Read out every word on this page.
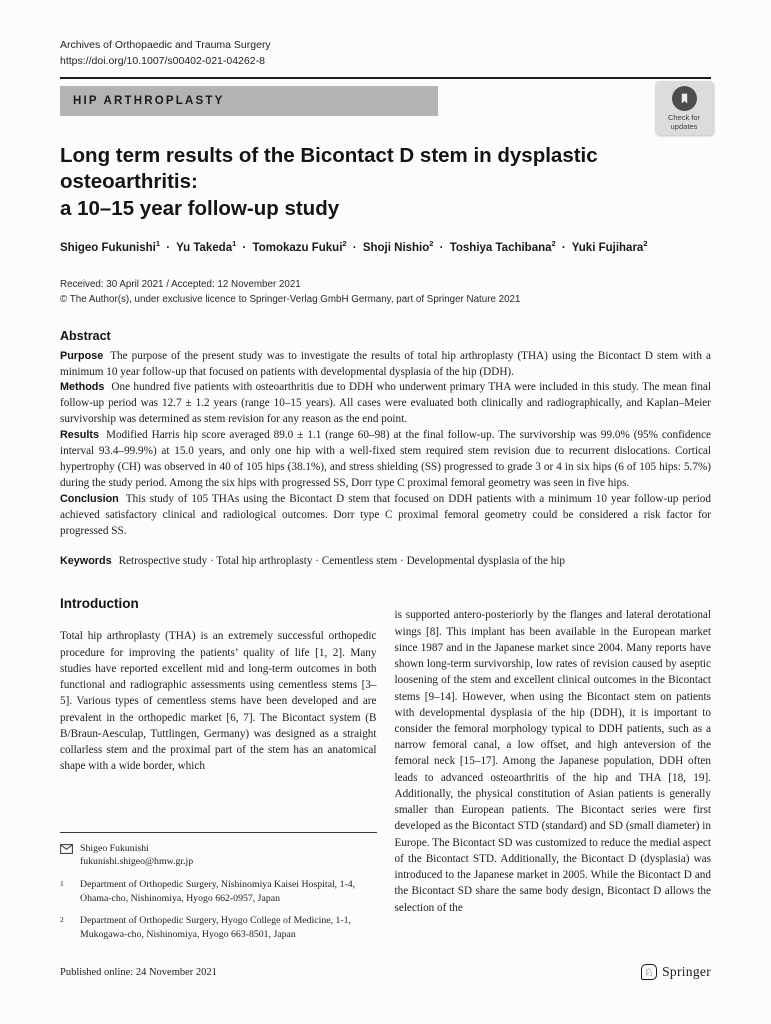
Archives of Orthopaedic and Trauma Surgery
https://doi.org/10.1007/s00402-021-04262-8
HIP ARTHROPLASTY
Check for
updates
Long term results of the Bicontact D stem in dysplastic osteoarthritis:
a 10–15 year follow-up study
Shigeo Fukunishi$^1$ · Yu Takeda$^1$ · Tomokazu Fukui$^2$ · Shoji Nishio$^2$ · Toshiya Tachibana$^2$ · Yuki Fujihara$^2$
Received: 30 April 2021 / Accepted: 12 November 2021
© The Author(s), under exclusive licence to Springer-Verlag GmbH Germany, part of Springer Nature 2021
Abstract

Purpose The purpose of the present study was to investigate the results of total hip arthroplasty (THA) using the Bicontact D stem with a minimum 10 year follow-up that focused on patients with developmental dysplasia of the hip (DDH).

Methods One hundred five patients with osteoarthritis due to DDH who underwent primary THA were included in this study. The mean final follow-up period was 12.7 ± 1.2 years (range 10–15 years). All cases were evaluated both clinically and radiographically, and Kaplan–Meier survivorship was determined as stem revision for any reason as the end point.

Results Modified Harris hip score averaged 89.0 ± 1.1 (range 60–98) at the final follow-up. The survivorship was 99.0% (95% confidence interval 93.4–99.9%) at 15.0 years, and only one hip with a well-fixed stem required stem revision due to recurrent dislocations. Cortical hypertrophy (CH) was observed in 40 of 105 hips (38.1%), and stress shielding (SS) progressed to grade 3 or 4 in six hips (6 of 105 hips: 5.7%) during the study period. Among the six hips with progressed SS, Dorr type C proximal femoral geometry was seen in five hips.

Conclusion This study of 105 THAs using the Bicontact D stem that focused on DDH patients with a minimum 10 year follow-up period achieved satisfactory clinical and radiological outcomes. Dorr type C proximal femoral geometry could be considered a risk factor for progressed SS.

Keywords Retrospective study · Total hip arthroplasty · Cementless stem · Developmental dysplasia of the hip
Introduction

Total hip arthroplasty (THA) is an extremely successful orthopedic procedure for improving the patients’ quality of life [1, 2]. Many studies have reported excellent mid and long-term outcomes in both functional and radiographic assessments using cementless stems [3–5]. Various types of cementless stems have been developed and are prevalent in the orthopedic market [6, 7]. The Bicontact system (B B/Braun-Aesculap, Tuttlingen, Germany) was designed as a straight collarless stem and the proximal part of the stem has an anatomical shape with a wide border, which

Shigeo Fukunishi
fukunishi.shigeo@hmw.gr.jp
1	Department of Orthopedic Surgery, Nishinomiya Kaisei Hospital, 1-4, Ohama-cho, Nishinomiya, Hyogo 662-0957, Japan
2	Department of Orthopedic Surgery, Hyogo College of Medicine, 1-1, Mukogawa-cho, Nishinomiya, Hyogo 663-8501, Japan

is supported antero-posteriorly by the flanges and lateral derotational wings [8]. This implant has been available in the European market since 1987 and in the Japanese market since 2004. Many reports have shown long-term survivorship, low rates of revision caused by aseptic loosening of the stem and excellent clinical outcomes in the Bicontact stems [9–14]. However, when using the Bicontact stem on patients with developmental dysplasia of the hip (DDH), it is important to consider the femoral morphology typical to DDH patients, such as a narrow femoral canal, a low offset, and high anteversion of the femoral neck [15–17]. Among the Japanese population, DDH often leads to advanced osteoarthritis of the hip and THA [18, 19]. Additionally, the physical constitution of Asian patients is generally smaller than European patients. The Bicontact series were first developed as the Bicontact STD (standard) and SD (small diameter) in Europe. The Bicontact SD was customized to reduce the medial aspect of the Bicontact STD. Additionally, the Bicontact D (dysplasia) was introduced to the Japanese market in 2005. While the Bicontact D and the Bicontact SD share the same body design, Bicontact D allows the selection of the

Published online: 24 November 2021	♘ Springer
